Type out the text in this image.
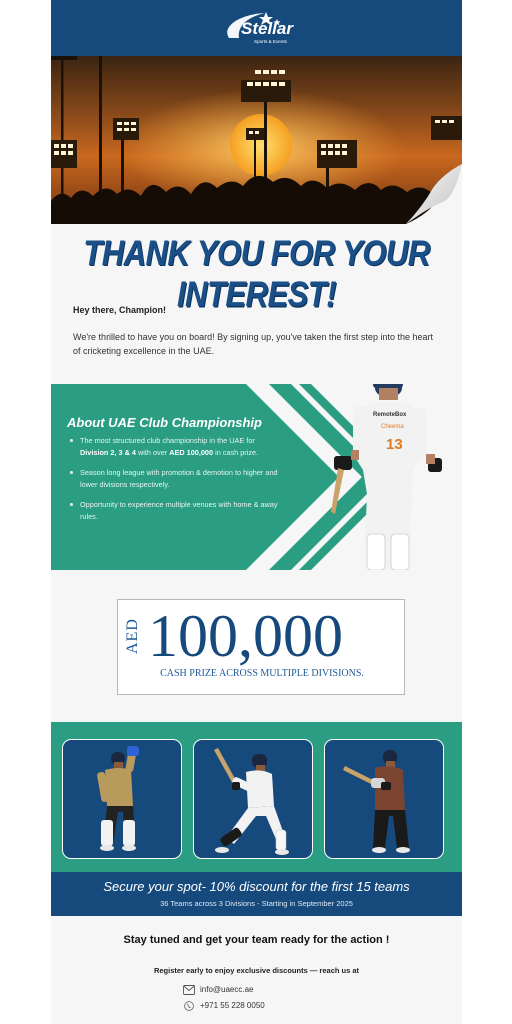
Stellar
Sports & Events
THANK YOU FOR YOUR INTEREST!
Hey there, Champion!
We're thrilled to have you on board! By signing up, you've taken the first step into the heart of cricketing excellence in the UAE.
RemoteBox
Cheema
13
About UAE Club Championship
The most structured club championship in the UAE for Division 2, 3 & 4 with over AED 100,000 in cash prize.
Season long league with promotion & demotion to higher and lower divisions respectively.
Opportunity to experience multiple venues with home & away rules.
AED 100,000
CASH PRIZE ACROSS MULTIPLE DIVISIONS.
Secure your spot- 10% discount for the first 15 teams
36 Teams across 3 Divisions - Starting in September 2025
Stay tuned and get your team ready for the action !
Register early to enjoy exclusive discounts — reach us at
info@uaecc.ae
+971 55 228 0050
